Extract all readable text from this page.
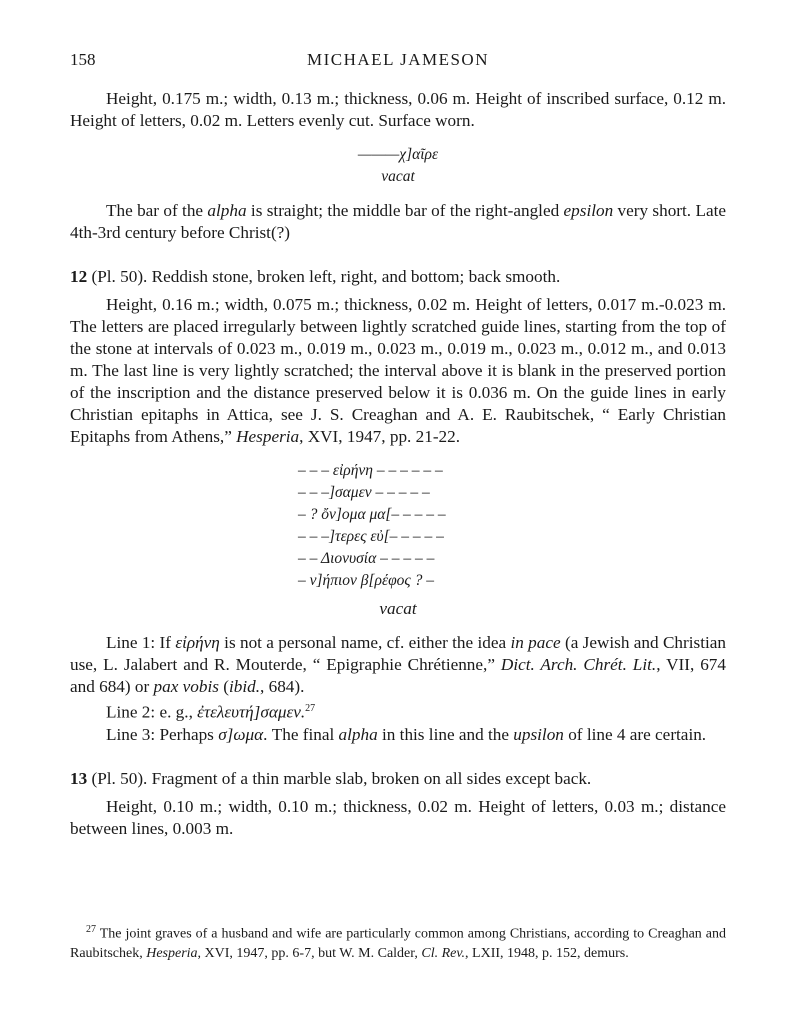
158	MICHAEL JAMESON

Height, 0.175 m.; width, 0.13 m.; thickness, 0.06 m. Height of inscribed surface, 0.12 m. Height of letters, 0.02 m. Letters evenly cut. Surface worn.

———χ]αῖρε
vacat

The bar of the alpha is straight; the middle bar of the right-angled epsilon very short. Late 4th-3rd century before Christ(?)

12 (Pl. 50). Reddish stone, broken left, right, and bottom; back smooth.

Height, 0.16 m.; width, 0.075 m.; thickness, 0.02 m. Height of letters, 0.017 m.-0.023 m. The letters are placed irregularly between lightly scratched guide lines, starting from the top of the stone at intervals of 0.023 m., 0.019 m., 0.023 m., 0.019 m., 0.023 m., 0.012 m., and 0.013 m. The last line is very lightly scratched; the interval above it is blank in the preserved portion of the inscription and the distance preserved below it is 0.036 m. On the guide lines in early Christian epitaphs in Attica, see J. S. Creaghan and A. E. Raubitschek, “ Early Christian Epitaphs from Athens,” Hesperia, XVI, 1947, pp. 21-22.

– – – εἰρήνη – – – – – –
– – –]σαμεν – – – – –
– ? ὄν]ομα μα[– – – – –
– – –]τερες εὐ[– – – – –
– – Διονυσία – – – – –
– ν]ήπιον β[ρέφος ? –
vacat

Line 1: If εἰρήνη is not a personal name, cf. either the idea in pace (a Jewish and Christian use, L. Jalabert and R. Mouterde, “ Epigraphie Chrétienne,” Dict. Arch. Chrét. Lit., VII, 674 and 684) or pax vobis (ibid., 684).

Line 2: e. g., ἐτελευτή]σαμεν.$^{27}$

Line 3: Perhaps σ]ωμα. The final alpha in this line and the upsilon of line 4 are certain.

13 (Pl. 50). Fragment of a thin marble slab, broken on all sides except back.

Height, 0.10 m.; width, 0.10 m.; thickness, 0.02 m. Height of letters, 0.03 m.; distance between lines, 0.003 m.

$^{27}$ The joint graves of a husband and wife are particularly common among Christians, according to Creaghan and Raubitschek, Hesperia, XVI, 1947, pp. 6-7, but W. M. Calder, Cl. Rev., LXII, 1948, p. 152, demurs.
